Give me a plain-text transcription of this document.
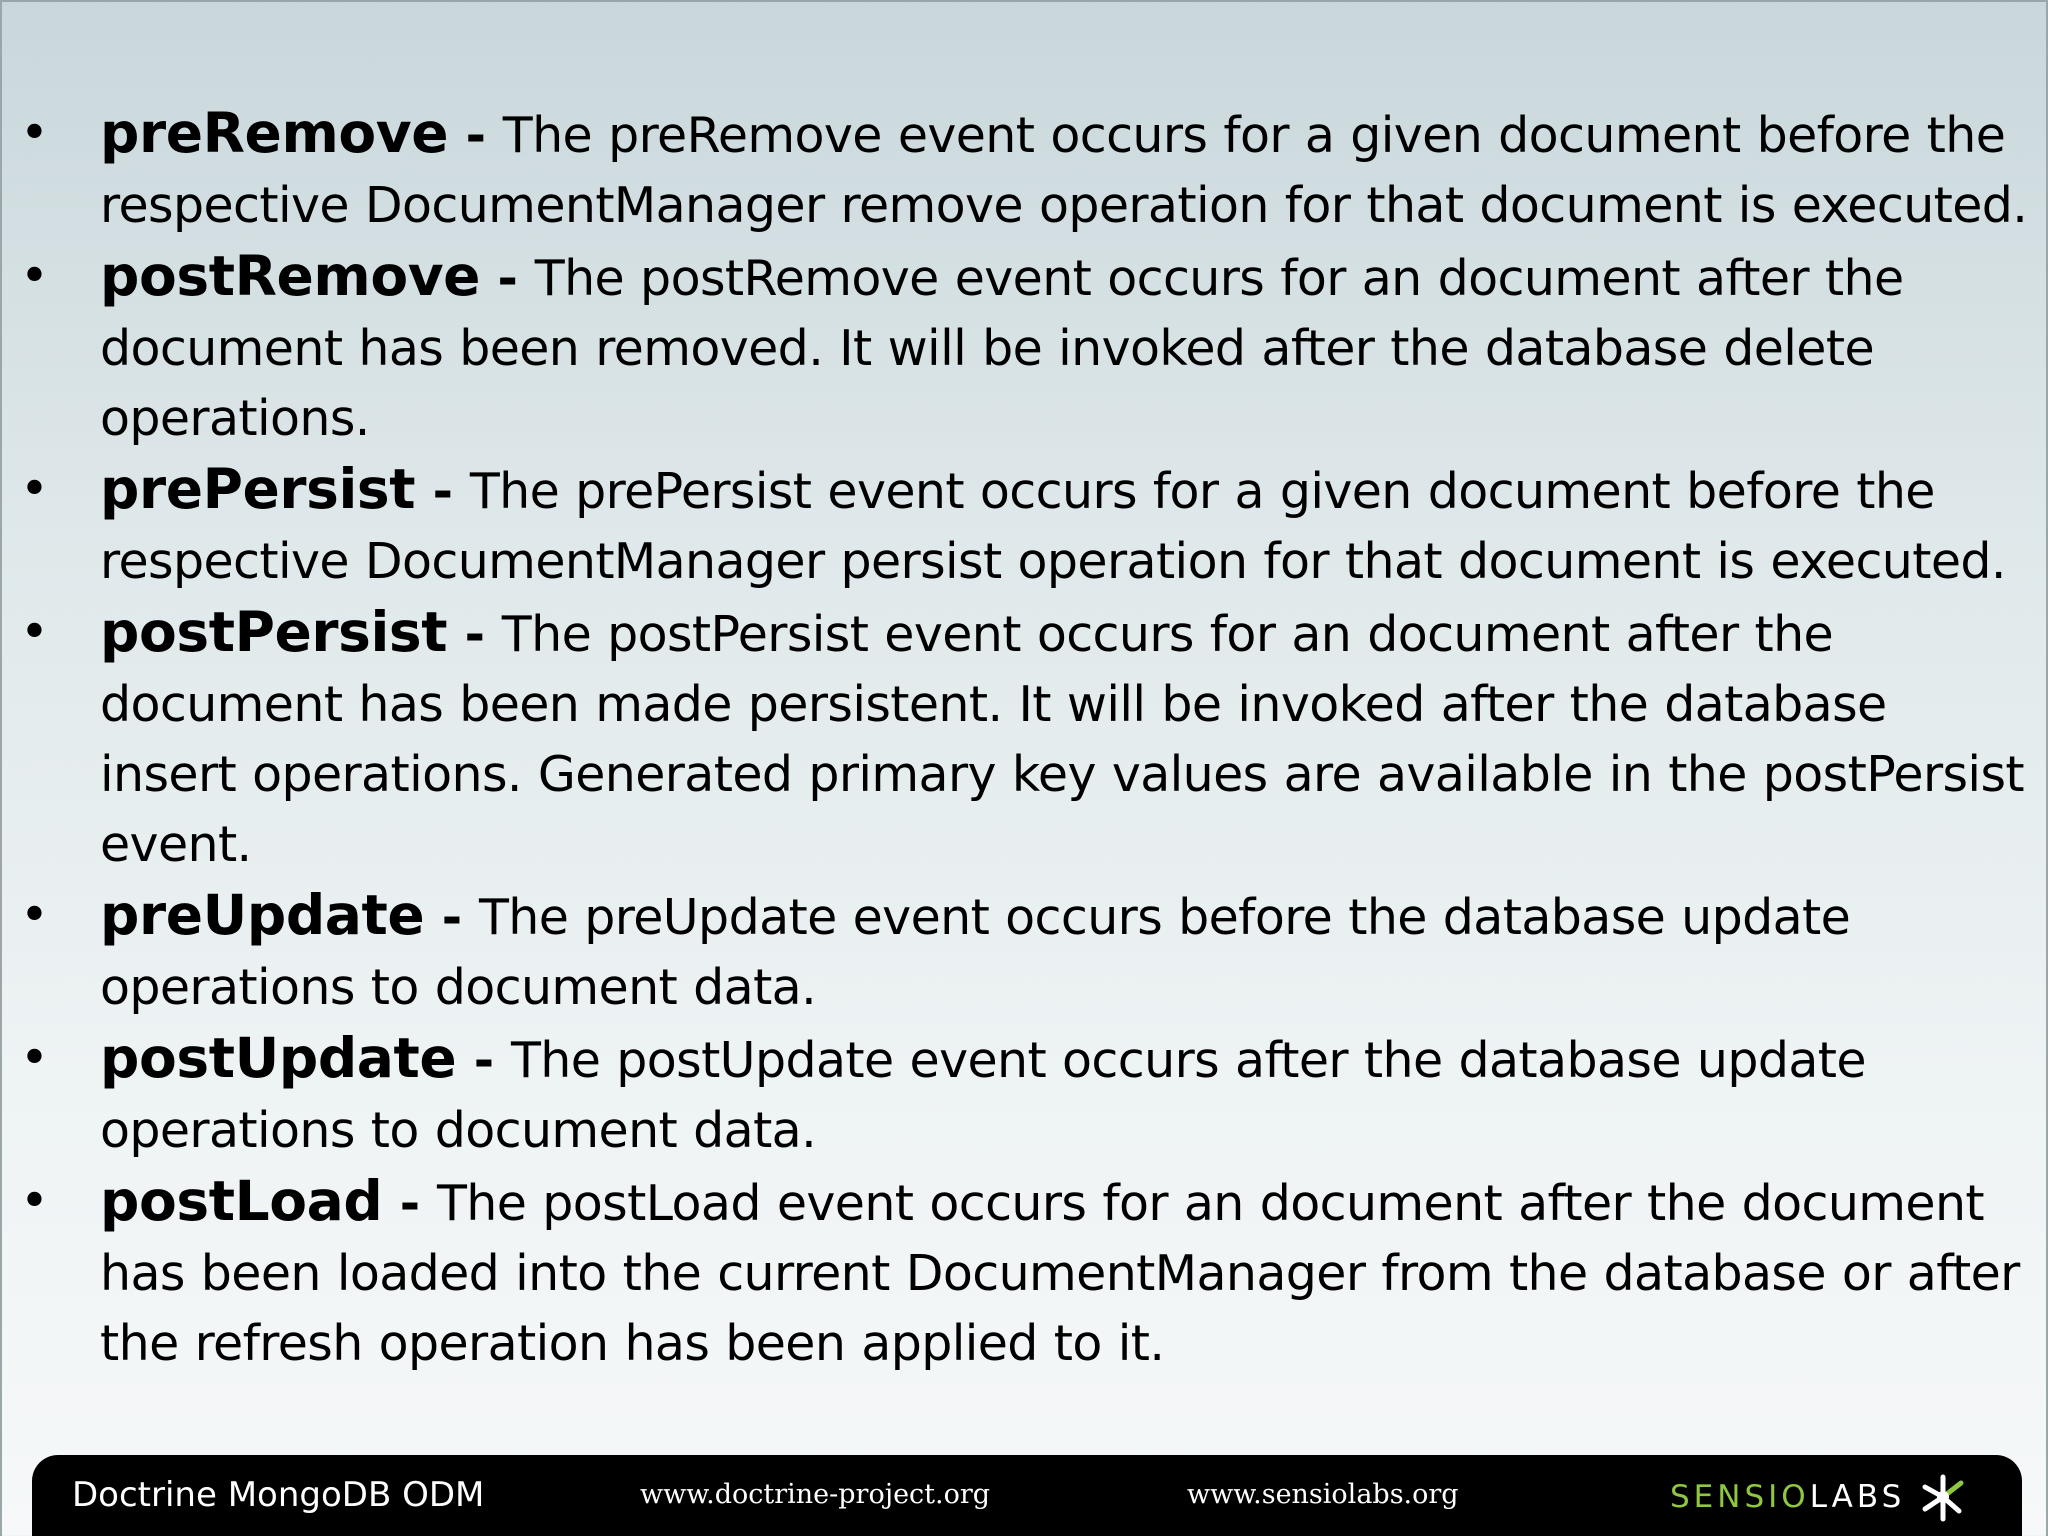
• preRemove - The preRemove event occurs for a given document before the respective DocumentManager remove operation for that document is executed.
• postRemove - The postRemove event occurs for an document after the document has been removed. It will be invoked after the database delete operations.
• prePersist - The prePersist event occurs for a given document before the respective DocumentManager persist operation for that document is executed.
• postPersist - The postPersist event occurs for an document after the document has been made persistent. It will be invoked after the database insert operations. Generated primary key values are available in the postPersist event.
• preUpdate - The preUpdate event occurs before the database update operations to document data.
• postUpdate - The postUpdate event occurs after the database update operations to document data.
• postLoad - The postLoad event occurs for an document after the document has been loaded into the current DocumentManager from the database or after the refresh operation has been applied to it.
Doctrine MongoDB ODM	www.doctrine-project.org	www.sensiolabs.org	SENSIO LABS
